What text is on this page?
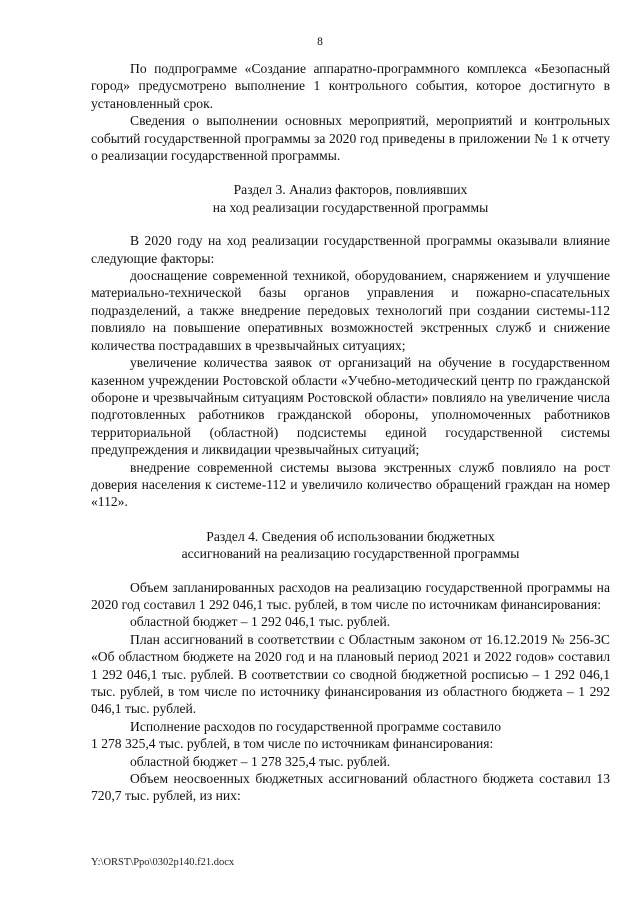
8

По подпрограмме «Создание аппаратно-программного комплекса «Безопасный город» предусмотрено выполнение 1 контрольного события, которое достигнуто в установленный срок.

Сведения о выполнении основных мероприятий, мероприятий и контрольных событий государственной программы за 2020 год приведены в приложении № 1 к отчету о реализации государственной программы.

Раздел 3. Анализ факторов, повлиявших
на ход реализации государственной программы

В 2020 году на ход реализации государственной программы оказывали влияние следующие факторы:

дооснащение современной техникой, оборудованием, снаряжением и улучшение материально-технической базы органов управления и пожарно-спасательных подразделений, а также внедрение передовых технологий при создании системы-112 повлияло на повышение оперативных возможностей экстренных служб и снижение количества пострадавших в чрезвычайных ситуациях;

увеличение количества заявок от организаций на обучение в государственном казенном учреждении Ростовской области «Учебно-методический центр по гражданской обороне и чрезвычайным ситуациям Ростовской области» повлияло на увеличение числа подготовленных работников гражданской обороны, уполномоченных работников территориальной (областной) подсистемы единой государственной системы предупреждения и ликвидации чрезвычайных ситуаций;

внедрение современной системы вызова экстренных служб повлияло на рост доверия населения к системе-112 и увеличило количество обращений граждан на номер «112».

Раздел 4. Сведения об использовании бюджетных
ассигнований на реализацию государственной программы

Объем запланированных расходов на реализацию государственной программы на 2020 год составил 1 292 046,1 тыс. рублей, в том числе по источникам финансирования:

областной бюджет – 1 292 046,1 тыс. рублей.

План ассигнований в соответствии с Областным законом от 16.12.2019 № 256-ЗС «Об областном бюджете на 2020 год и на плановый период 2021 и 2022 годов» составил 1 292 046,1 тыс. рублей. В соответствии со сводной бюджетной росписью – 1 292 046,1 тыс. рублей, в том числе по источнику финансирования из областного бюджета – 1 292 046,1 тыс. рублей.

Исполнение расходов по государственной программе составило

1 278 325,4 тыс. рублей, в том числе по источникам финансирования:

областной бюджет – 1 278 325,4 тыс. рублей.

Объем неосвоенных бюджетных ассигнований областного бюджета составил 13 720,7 тыс. рублей, из них:

Y:\ORST\Ppo\0302p140.f21.docx
